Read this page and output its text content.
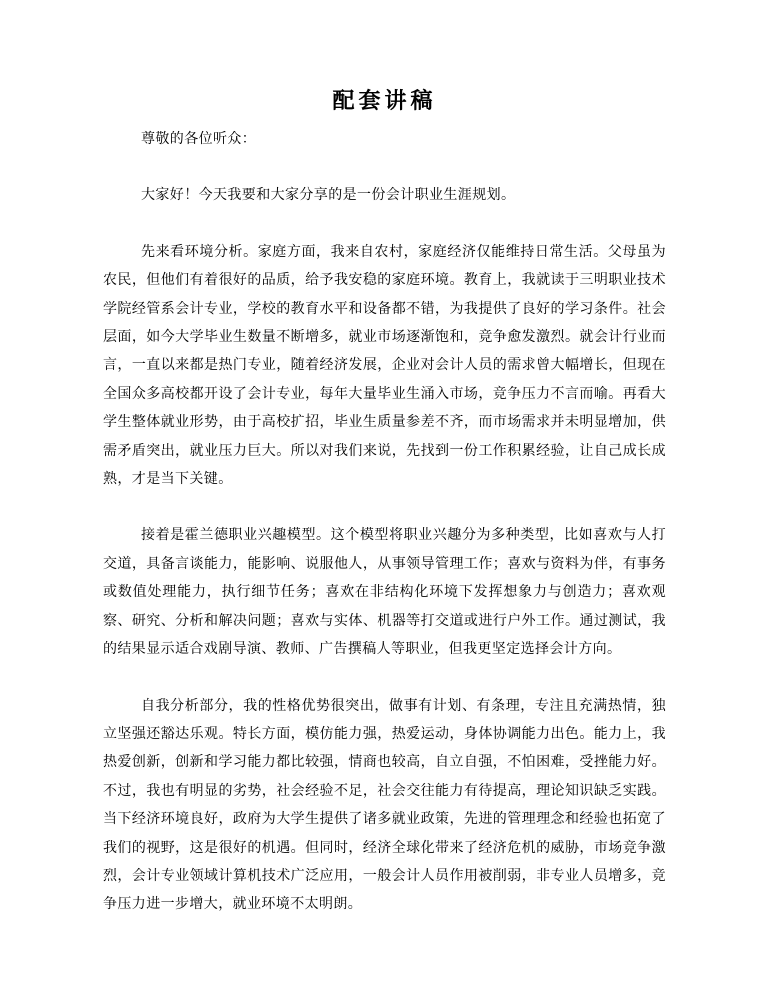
配套讲稿

尊敬的各位听众：

大家好！今天我要和大家分享的是一份会计职业生涯规划。

先来看环境分析。家庭方面，我来自农村，家庭经济仅能维持日常生活。父母虽为农民，但他们有着很好的品质，给予我安稳的家庭环境。教育上，我就读于三明职业技术学院经管系会计专业，学校的教育水平和设备都不错，为我提供了良好的学习条件。社会层面，如今大学毕业生数量不断增多，就业市场逐渐饱和，竞争愈发激烈。就会计行业而言，一直以来都是热门专业，随着经济发展，企业对会计人员的需求曾大幅增长，但现在全国众多高校都开设了会计专业，每年大量毕业生涌入市场，竞争压力不言而喻。再看大学生整体就业形势，由于高校扩招，毕业生质量参差不齐，而市场需求并未明显增加，供需矛盾突出，就业压力巨大。所以对我们来说，先找到一份工作积累经验，让自己成长成熟，才是当下关键。

接着是霍兰德职业兴趣模型。这个模型将职业兴趣分为多种类型，比如喜欢与人打交道，具备言谈能力，能影响、说服他人，从事领导管理工作；喜欢与资料为伴，有事务或数值处理能力，执行细节任务；喜欢在非结构化环境下发挥想象力与创造力；喜欢观察、研究、分析和解决问题；喜欢与实体、机器等打交道或进行户外工作。通过测试，我的结果显示适合戏剧导演、教师、广告撰稿人等职业，但我更坚定选择会计方向。

自我分析部分，我的性格优势很突出，做事有计划、有条理，专注且充满热情，独立坚强还豁达乐观。特长方面，模仿能力强，热爱运动，身体协调能力出色。能力上，我热爱创新，创新和学习能力都比较强，情商也较高，自立自强，不怕困难，受挫能力好。不过，我也有明显的劣势，社会经验不足，社会交往能力有待提高，理论知识缺乏实践。当下经济环境良好，政府为大学生提供了诸多就业政策，先进的管理理念和经验也拓宽了我们的视野，这是很好的机遇。但同时，经济全球化带来了经济危机的威胁，市场竞争激烈，会计专业领域计算机技术广泛应用，一般会计人员作用被削弱，非专业人员增多，竞争压力进一步增大，就业环境不太明朗。
